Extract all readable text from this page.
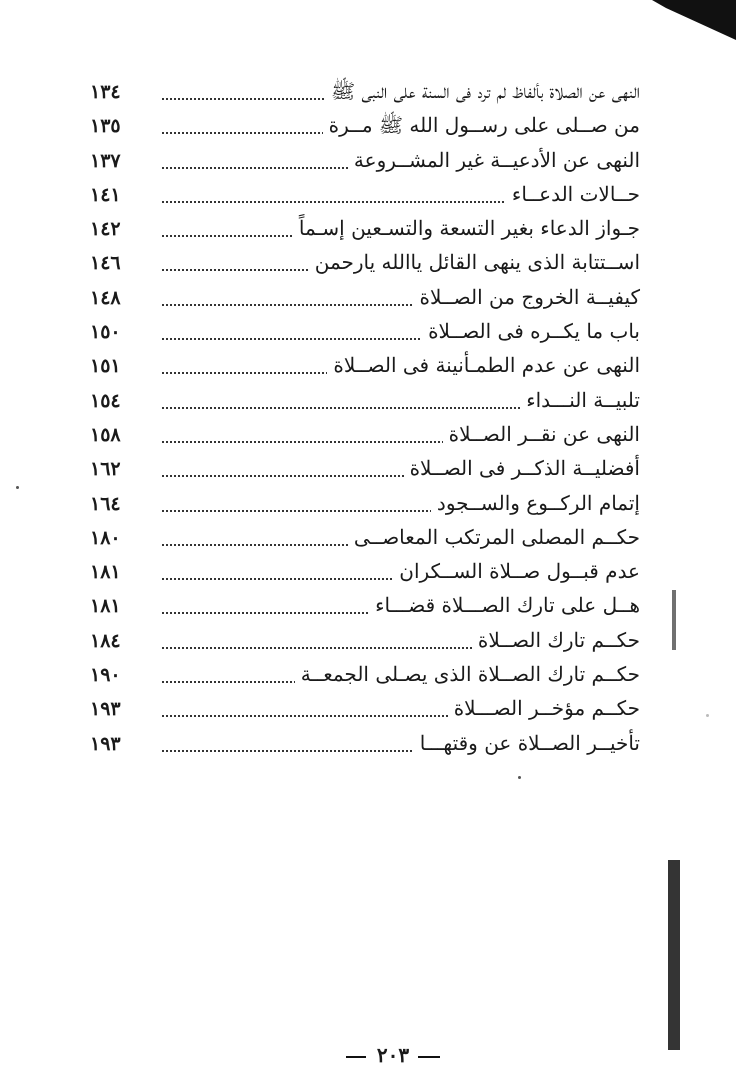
النهى عن الصلاة بألفاظ لم ترد فى السنة على النبى ﷺ
١٣٤
من صــلى على رســول الله ﷺ مــرة
١٣٥
النهى عن الأدعيــة غير المشــروعة
١٣٧
حــالات الدعــاء
١٤١
جـواز الدعاء بغير التسعة والتسـعين إسـماً
١٤٢
اســتتابة الذى ينهى القائل ياالله يارحمن
١٤٦
كيفيــة الخروج من الصــلاة
١٤٨
باب ما يكــره فى الصــلاة
١٥٠
النهى عن عدم الطمـأنينة فى الصــلاة
١٥١
تلبيــة النـــداء
١٥٤
النهى عن نقــر الصــلاة
١٥٨
أفضليــة الذكــر فى الصــلاة
١٦٢
إتمام الركــوع والســجود
١٦٤
حكــم المصلى المرتكب المعاصــى
١٨٠
عدم قبــول صــلاة الســكران
١٨١
هــل على تارك الصـــلاة قضـــاء
١٨١
حكــم تارك الصــلاة
١٨٤
حكــم تارك الصــلاة الذى يصـلى الجمعــة
١٩٠
حكــم مؤخــر الصـــلاة
١٩٣
تأخيــر الصــلاة عن وقتهـــا
١٩٣
٢٠٣
